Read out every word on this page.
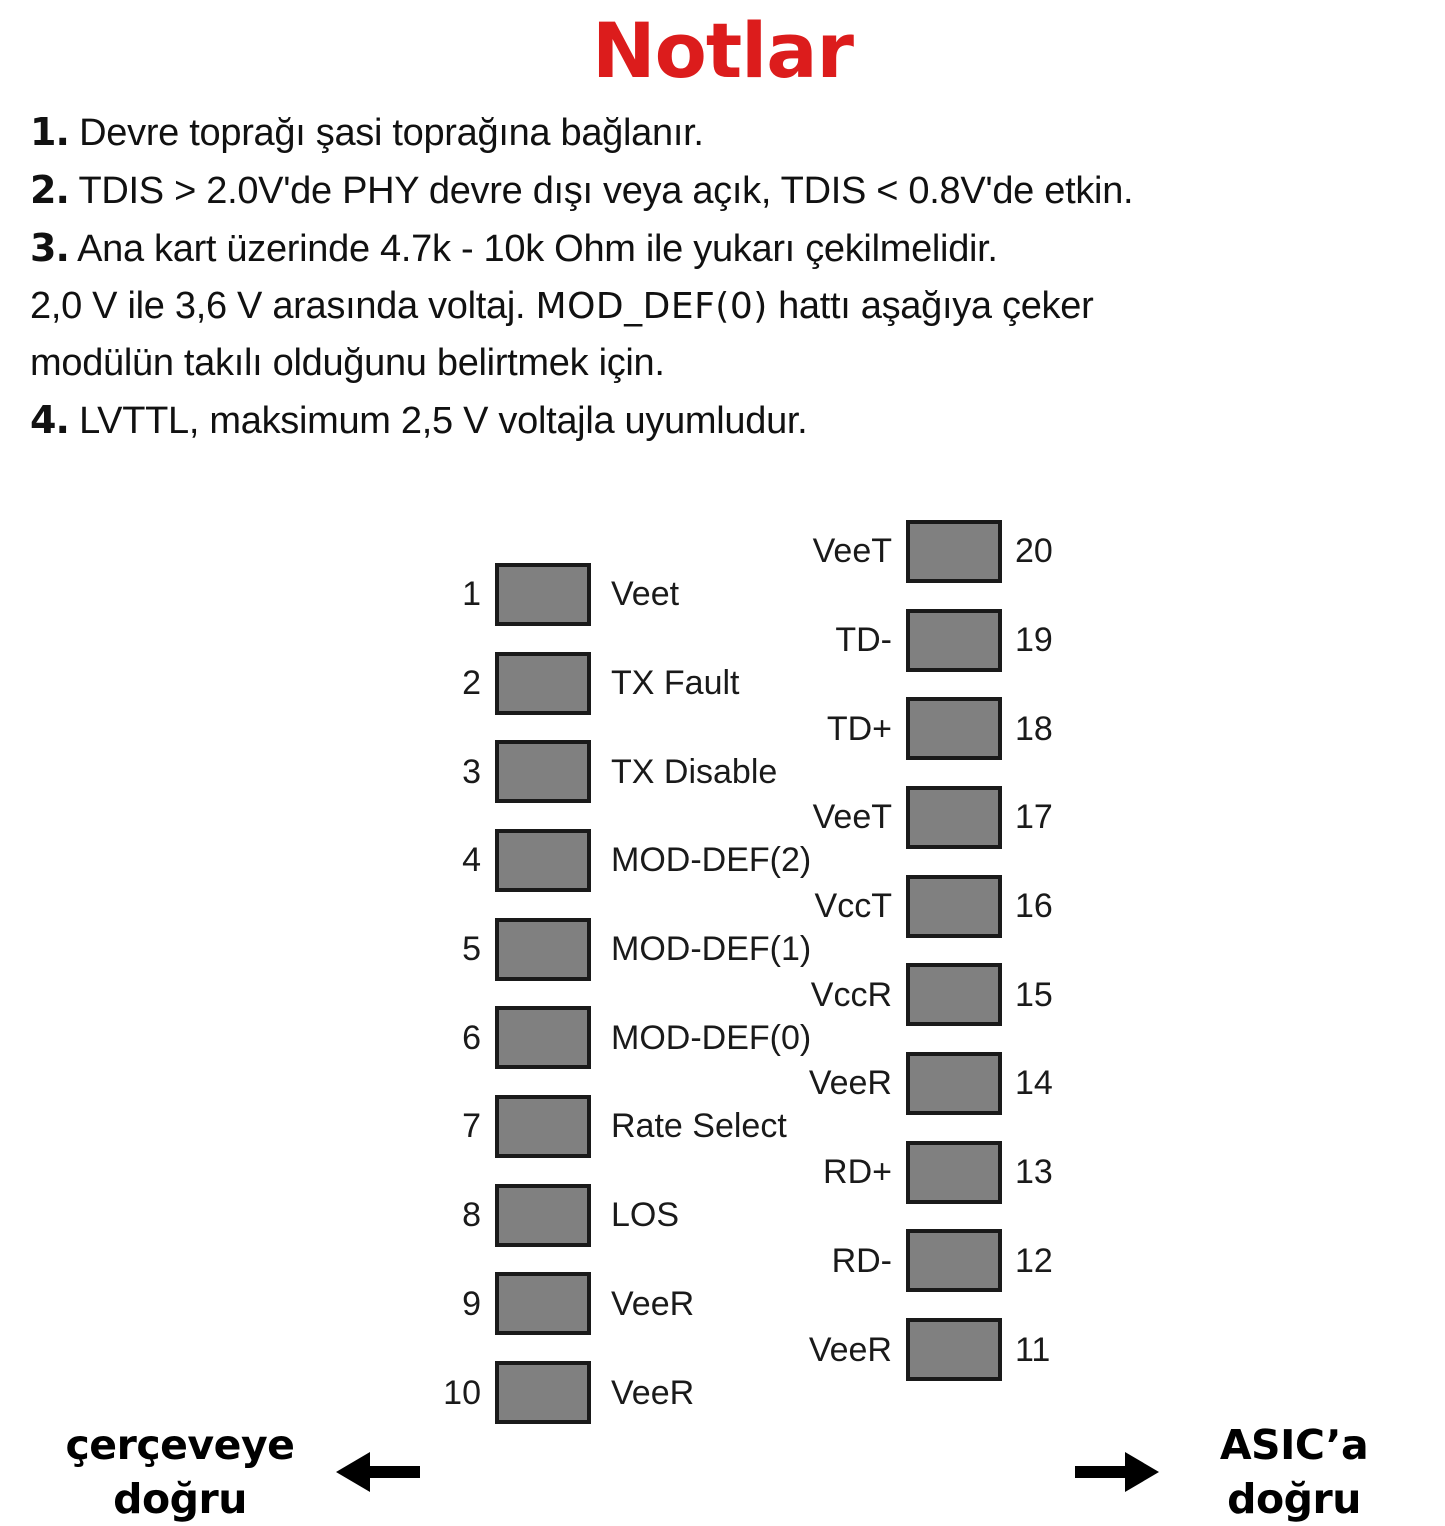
Notlar
1. Devre toprağı şasi toprağına bağlanır.
2. TDIS > 2.0V'de PHY devre dışı veya açık, TDIS < 0.8V'de etkin.
3. Ana kart üzerinde 4.7k - 10k Ohm ile yukarı çekilmelidir.
2,0 V ile 3,6 V arasında voltaj. MOD_DEF(0) hattı aşağıya çeker
modülün takılı olduğunu belirtmek için.
4. LVTTL, maksimum 2,5 V voltajla uyumludur.
1	Veet
2	TX Fault
3	TX Disable
4	MOD-DEF(2)
5	MOD-DEF(1)
6	MOD-DEF(0)
7	Rate Select
8	LOS
9	VeeR
10	VeeR
VeeT	20
TD-	19
TD+	18
VeeT	17
VccT	16
VccR	15
VeeR	14
RD+	13
RD-	12
VeeR	11
çerçeveye
doğru
ASIC’a
doğru
